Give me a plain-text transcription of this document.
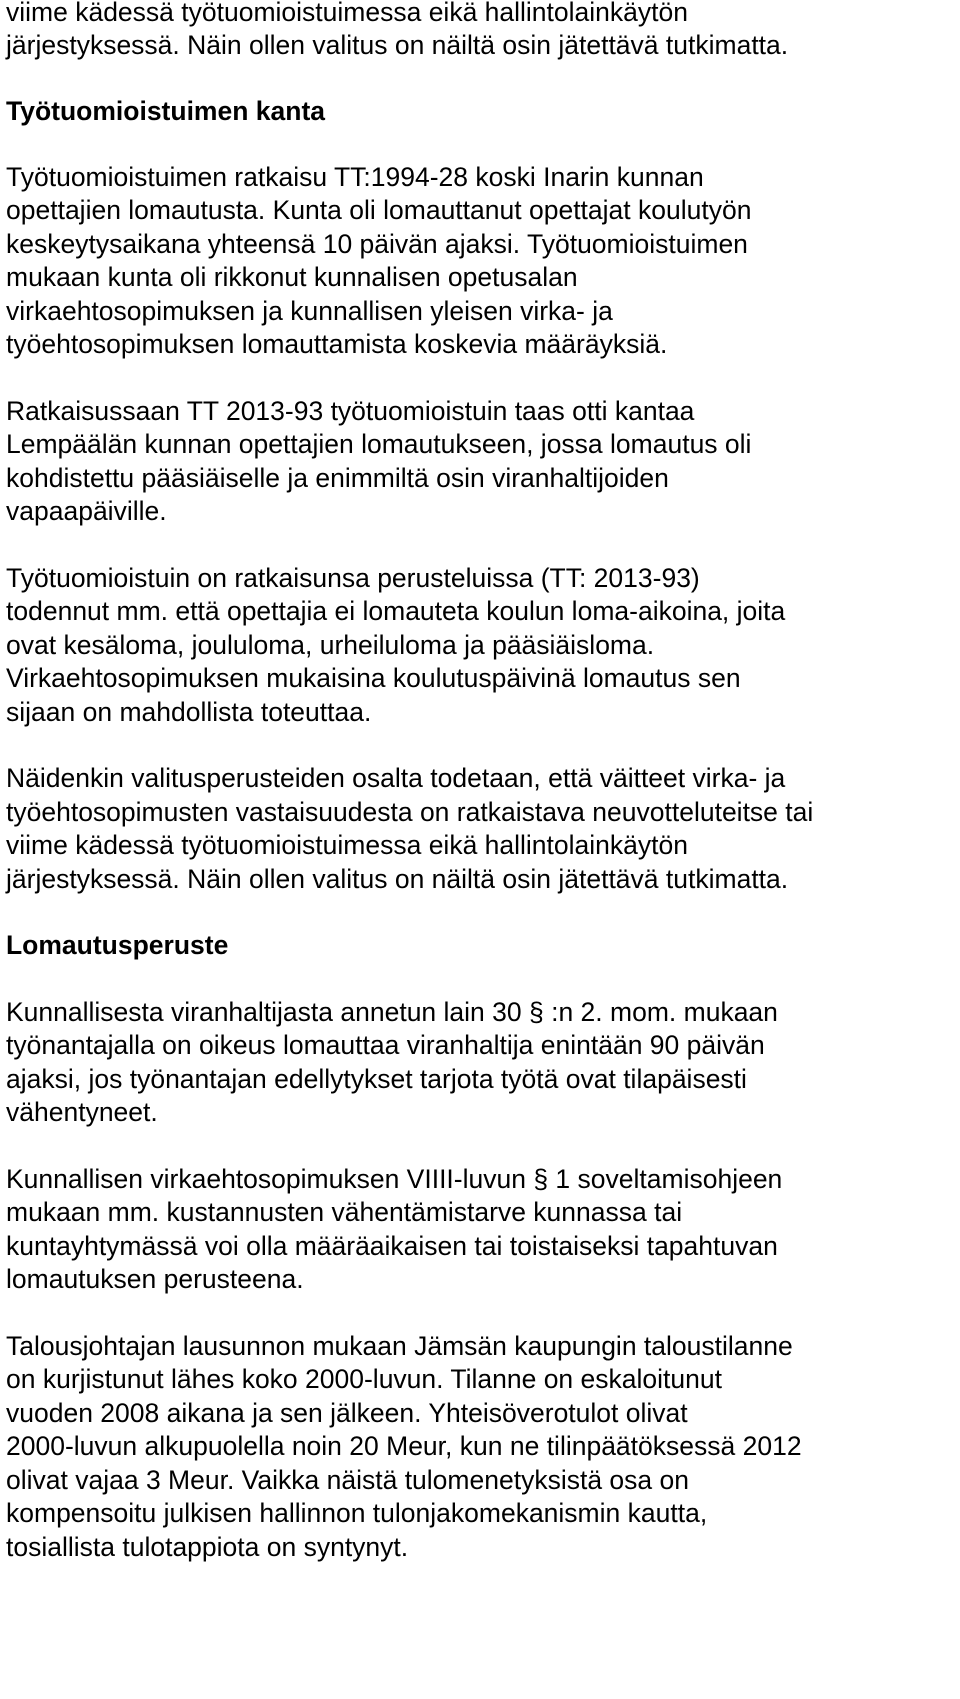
viime kädessä työtuomioistuimessa eikä hallintolainkäytön

järjestyksessä. Näin ollen valitus on näiltä osin jätettävä tutkimatta.

Työtuomioistuimen kanta

Työtuomioistuimen ratkaisu TT:1994-28 koski Inarin kunnan

opettajien lomautusta. Kunta oli lomauttanut opettajat koulutyön

keskeytysaikana yhteensä 10 päivän ajaksi. Työtuomioistuimen

mukaan kunta oli rikkonut kunnalisen opetusalan

virkaehtosopimuksen ja kunnallisen yleisen virka- ja

työehtosopimuksen lomauttamista koskevia määräyksiä.

Ratkaisussaan TT 2013-93 työtuomioistuin taas otti kantaa

Lempäälän kunnan opettajien lomautukseen, jossa lomautus oli

kohdistettu pääsiäiselle ja enimmiltä osin viranhaltijoiden

vapaapäiville.

Työtuomioistuin on ratkaisunsa perusteluissa (TT: 2013-93)

todennut mm. että opettajia ei lomauteta koulun loma-aikoina, joita

ovat kesäloma, joululoma, urheiluloma ja pääsiäisloma.

Virkaehtosopimuksen mukaisina koulutuspäivinä lomautus sen

sijaan on mahdollista toteuttaa.

Näidenkin valitusperusteiden osalta todetaan, että väitteet virka- ja

työehtosopimusten vastaisuudesta on ratkaistava neuvotteluteitse tai

viime kädessä työtuomioistuimessa eikä hallintolainkäytön

järjestyksessä. Näin ollen valitus on näiltä osin jätettävä tutkimatta.

Lomautusperuste

Kunnallisesta viranhaltijasta annetun lain 30 § :n 2. mom. mukaan

työnantajalla on oikeus lomauttaa viranhaltija enintään 90 päivän

ajaksi, jos työnantajan edellytykset tarjota työtä ovat tilapäisesti

vähentyneet.

Kunnallisen virkaehtosopimuksen VIIII-luvun § 1 soveltamisohjeen

mukaan mm. kustannusten vähentämistarve kunnassa tai

kuntayhtymässä voi olla määräaikaisen tai toistaiseksi tapahtuvan

lomautuksen perusteena.

Talousjohtajan lausunnon mukaan Jämsän kaupungin taloustilanne

on kurjistunut lähes koko 2000-luvun. Tilanne on eskaloitunut

vuoden 2008 aikana ja sen jälkeen. Yhteisöverotulot olivat

2000-luvun alkupuolella noin 20 Meur, kun ne tilinpäätöksessä 2012

olivat vajaa 3 Meur. Vaikka näistä tulomenetyksistä osa on

kompensoitu julkisen hallinnon tulonjakomekanismin kautta,

tosiallista tulotappiota on syntynyt.
